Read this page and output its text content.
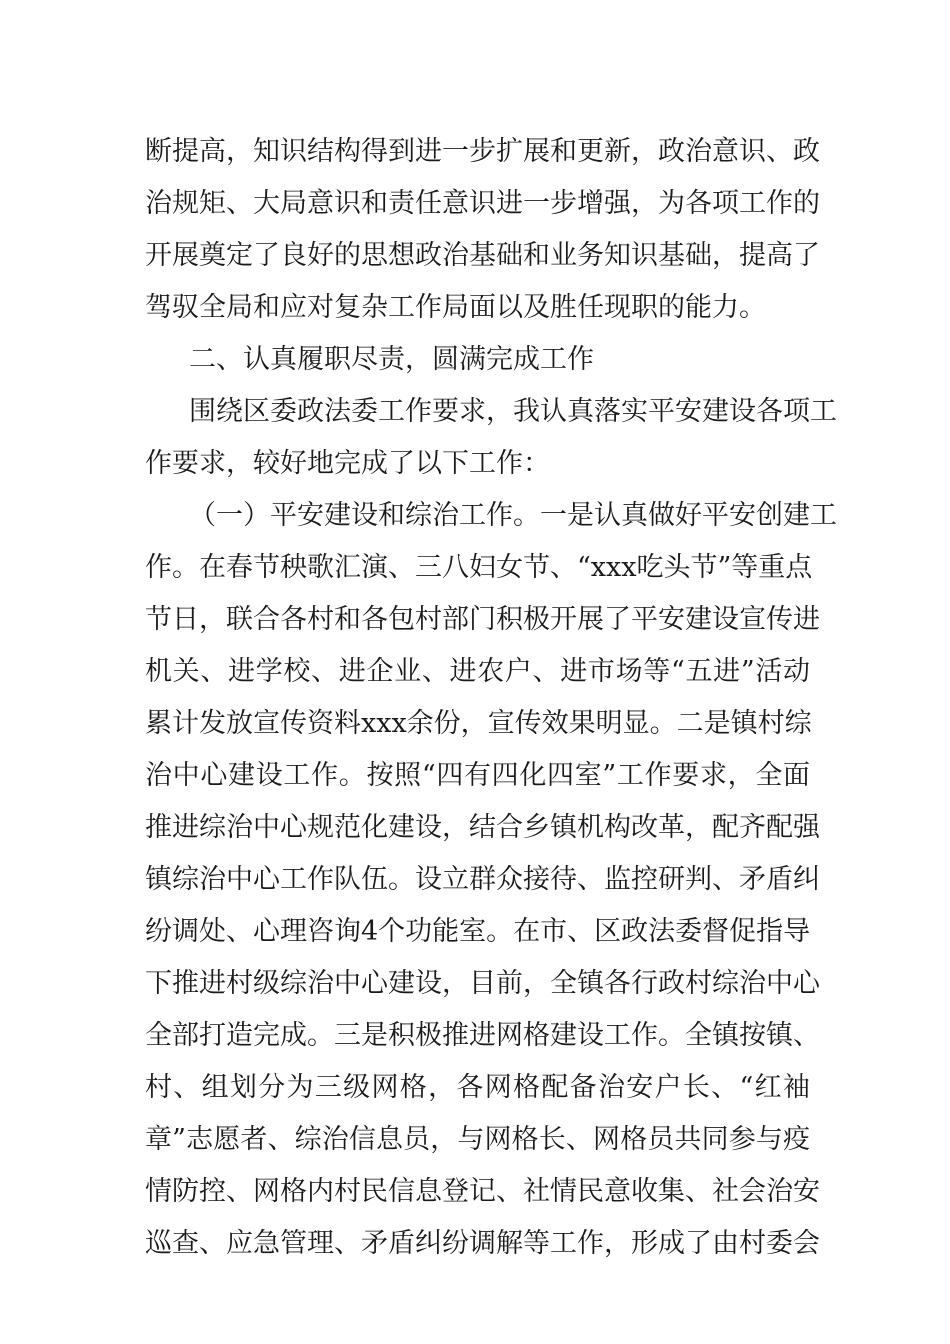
断提高，知识结构得到进一步扩展和更新，政治意识、政
治规矩、大局意识和责任意识进一步增强，为各项工作的
开展奠定了良好的思想政治基础和业务知识基础，提高了
驾驭全局和应对复杂工作局面以及胜任现职的能力。
二、认真履职尽责，圆满完成工作
围绕区委政法委工作要求，我认真落实平安建设各项工
作要求，较好地完成了以下工作：
（一）平安建设和综治工作。一是认真做好平安创建工
作。在春节秧歌汇演、三八妇女节、“xxx吃头节”等重点
节日，联合各村和各包村部门积极开展了平安建设宣传进
机关、进学校、进企业、进农户、进市场等“五进”活动
累计发放宣传资料xxx余份，宣传效果明显。二是镇村综
治中心建设工作。按照“四有四化四室”工作要求，全面
推进综治中心规范化建设，结合乡镇机构改革，配齐配强
镇综治中心工作队伍。设立群众接待、监控研判、矛盾纠
纷调处、心理咨询4个功能室。在市、区政法委督促指导
下推进村级综治中心建设，目前，全镇各行政村综治中心
全部打造完成。三是积极推进网格建设工作。全镇按镇、
村、组划分为三级网格，各网格配备治安户长、“红袖
章”志愿者、综治信息员，与网格长、网格员共同参与疫
情防控、网格内村民信息登记、社情民意收集、社会治安
巡查、应急管理、矛盾纠纷调解等工作，形成了由村委会
